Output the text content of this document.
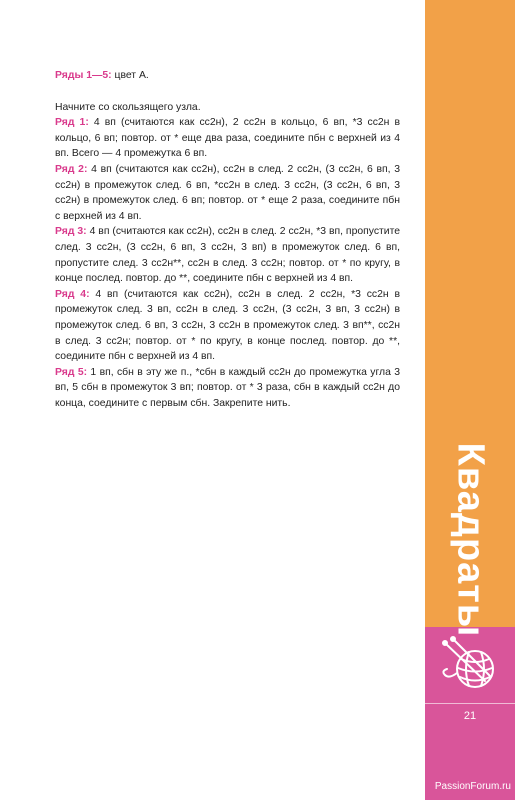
Ряды 1—5: цвет А.

Начните со скользящего узла.

Ряд 1: 4 вп (считаются как сс2н), 2 сс2н в кольцо, 6 вп, *3 сс2н в кольцо, 6 вп; повтор. от * еще два раза, соедините пбн с верхней из 4 вп. Всего — 4 промежутка 6 вп.

Ряд 2: 4 вп (считаются как сс2н), сс2н в след. 2 сс2н, (3 сс2н, 6 вп, 3 сс2н) в промежуток след. 6 вп, *сс2н в след. 3 сс2н, (3 сс2н, 6 вп, 3 сс2н) в промежуток след. 6 вп; повтор. от * еще 2 раза, соедините пбн с верхней из 4 вп.

Ряд 3: 4 вп (считаются как сс2н), сс2н в след. 2 сс2н, *3 вп, пропустите след. 3 сс2н, (3 сс2н, 6 вп, 3 сс2н, 3 вп) в промежуток след. 6 вп, пропустите след. 3 сс2н**, сс2н в след. 3 сс2н; повтор. от * по кругу, в конце послед. повтор. до **, соедините пбн с верхней из 4 вп.

Ряд 4: 4 вп (считаются как сс2н), сс2н в след. 2 сс2н, *3 сс2н в промежуток след. 3 вп, сс2н в след. 3 сс2н, (3 сс2н, 3 вп, 3 сс2н) в промежуток след. 6 вп, 3 сс2н, 3 сс2н в промежуток след. 3 вп**, сс2н в след. 3 сс2н; повтор. от * по кругу, в конце послед. повтор. до **, соедините пбн с верхней из 4 вп.

Ряд 5: 1 вп, сбн в эту же п., *сбн в каждый сс2н до промежутка угла 3 вп, 5 сбн в промежуток 3 вп; повтор. от * 3 раза, сбн в каждый сс2н до конца, соедините с первым сбн. Закрепите нить.

Квадраты
21
PassionForum.ru
